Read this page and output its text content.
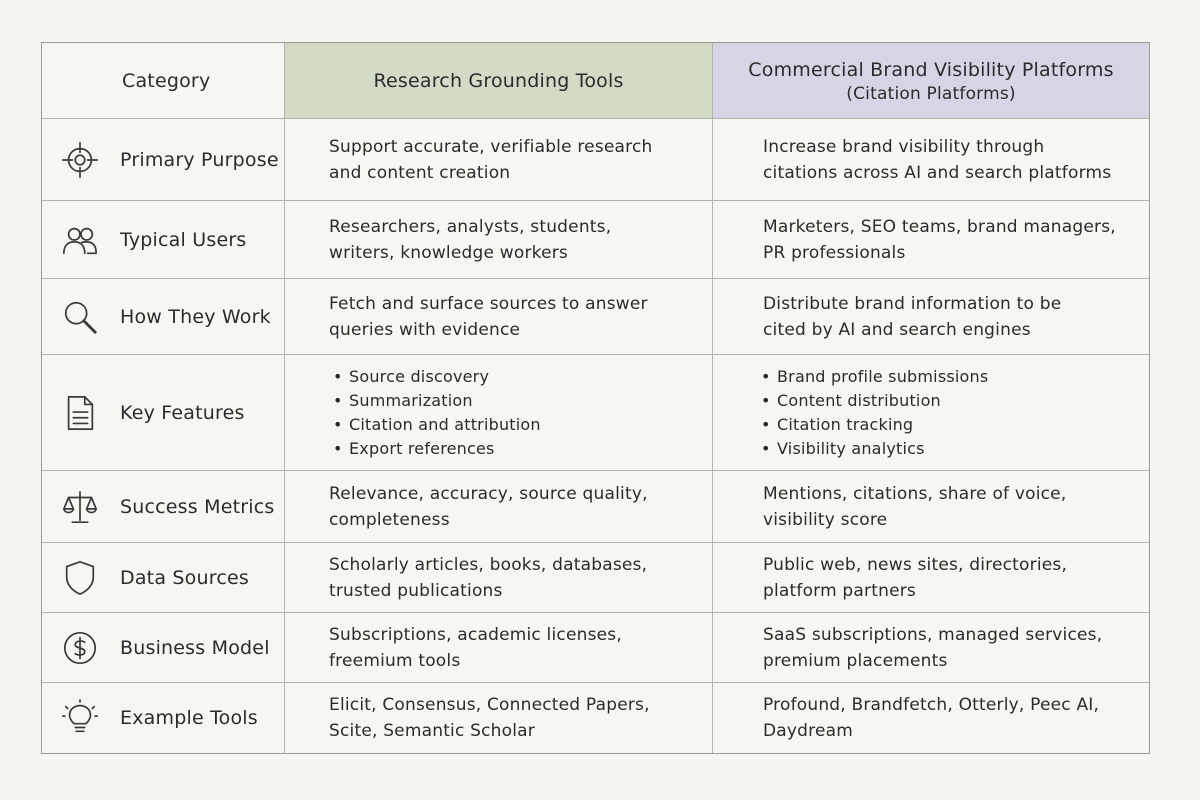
Category	Research Grounding Tools	Commercial Brand Visibility Platforms
(Citation Platforms)
Primary Purpose
Support accurate, verifiable research
and content creation
Increase brand visibility through
citations across AI and search platforms
Typical Users
Researchers, analysts, students,
writers, knowledge workers
Marketers, SEO teams, brand managers,
PR professionals
How They Work
Fetch and surface sources to answer
queries with evidence
Distribute brand information to be
cited by AI and search engines
Key Features
• Source discovery
• Summarization
• Citation and attribution
• Export references
• Brand profile submissions
• Content distribution
• Citation tracking
• Visibility analytics
Success Metrics
Relevance, accuracy, source quality,
completeness
Mentions, citations, share of voice,
visibility score
Data Sources
Scholarly articles, books, databases,
trusted publications
Public web, news sites, directories,
platform partners
Business Model
Subscriptions, academic licenses,
freemium tools
SaaS subscriptions, managed services,
premium placements
Example Tools
Elicit, Consensus, Connected Papers,
Scite, Semantic Scholar
Profound, Brandfetch, Otterly, Peec AI,
Daydream
